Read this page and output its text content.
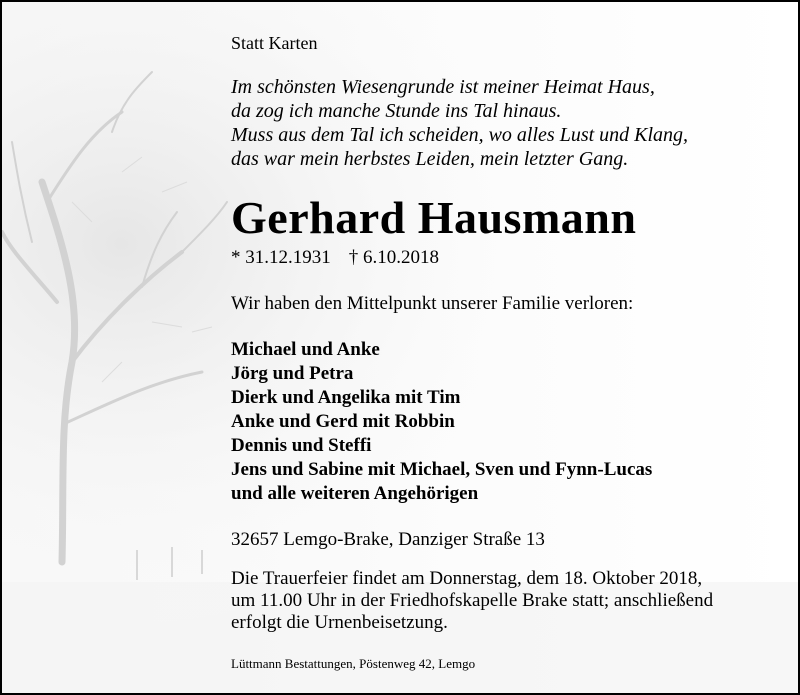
Statt Karten
Im schönsten Wiesengrunde ist meiner Heimat Haus,
da zog ich manche Stunde ins Tal hinaus.
Muss aus dem Tal ich scheiden, wo alles Lust und Klang,
das war mein herbstes Leiden, mein letzter Gang.
Gerhard Hausmann
* 31.12.1931 † 6.10.2018
Wir haben den Mittelpunkt unserer Familie verloren:
Michael und Anke
Jörg und Petra
Dierk und Angelika mit Tim
Anke und Gerd mit Robbin
Dennis und Steffi
Jens und Sabine mit Michael, Sven und Fynn-Lucas
und alle weiteren Angehörigen
32657 Lemgo-Brake, Danziger Straße 13
Die Trauerfeier findet am Donnerstag, dem 18. Oktober 2018,
um 11.00 Uhr in der Friedhofskapelle Brake statt; anschließend
erfolgt die Urnenbeisetzung.
Lüttmann Bestattungen, Pöstenweg 42, Lemgo
